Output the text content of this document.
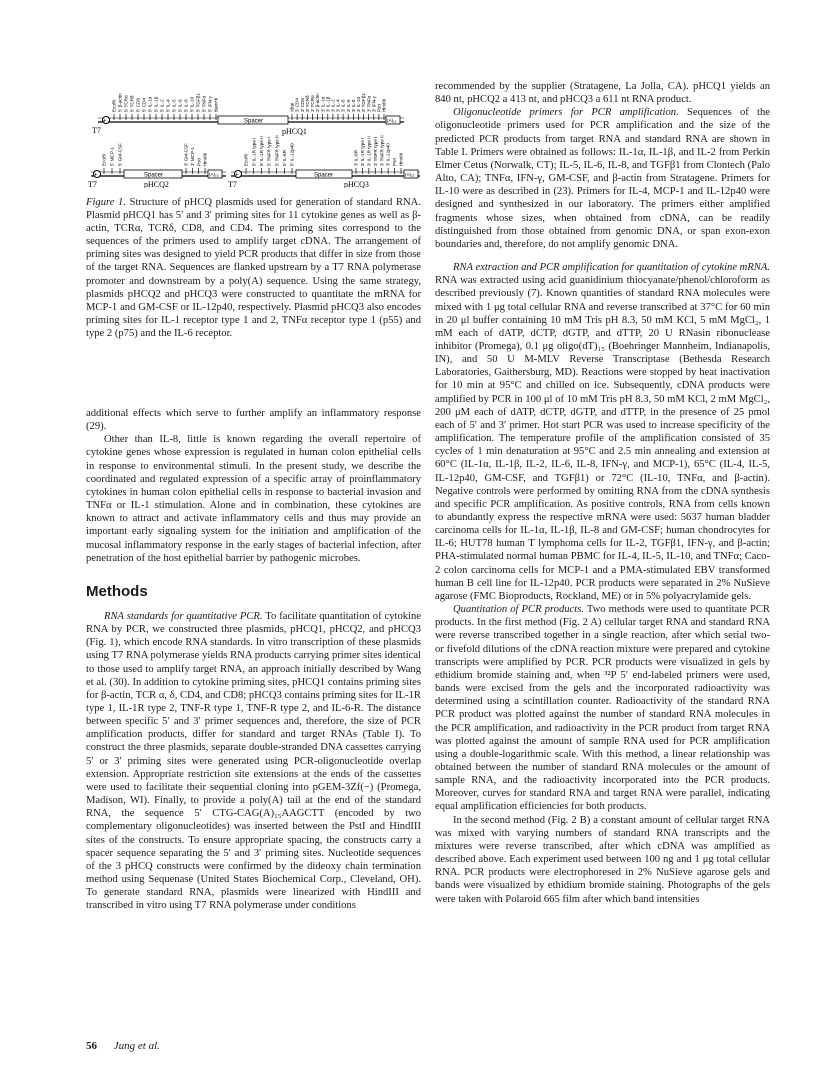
+
EcoRI 5' β-actin 5' TCRα 5' TCRδ 5' CD8 5' CD4 5' IL-1α 5' IL-1β 5' IL-2 5' IL-4 5' IL-5 5' IL-6 5' IL-8 5' IL-10 5' TGFβ1 5' TNFα 5' IFN-γ BamHI
Spacer
XbaI 3' CD4 3' CD8 3' TCRδ 3' TCRα 3' β-actin 3' IL-1α 3' IL-1β 3' IL-2 3' IL-4 3' IL-5 3' IL-6 3' IL-8 3' IL-10 3' TGFβ1 3' TNFα 3' IFN-γ PstI HindIII
(A)₁₅
T7	pHCQ1
+
EcoRI 5' MCP-1 5' GM-CSF
Spacer
3' GM-CSF 3' MCP-1 PstI HindIII
(A)₁₅
T7	pHCQ2
+
EcoRI 5' IL-1R type I 5' IL-1R type II 5' TNFR type I 5' TNFR type II 5' IL-6R 5' IL-12p40
Spacer
3' IL-6R 3' IL-1R type I 3' IL-1R type II 3' TNFR type I 3' TNFR type II 3' IL-12p40 PstI HindIII
(A)₁₅
T7	pHCQ3
Figure 1. Structure of pHCQ plasmids used for generation of standard RNA. Plasmid pHCQ1 has 5′ and 3′ priming sites for 11 cytokine genes as well as β-actin, TCRα, TCRδ, CD8, and CD4. The priming sites correspond to the sequences of the primers used to amplify target cDNA. The arrangement of priming sites was designed to yield PCR products that differ in size from those of the target RNA. Sequences are flanked upstream by a T7 RNA polymerase promoter and downstream by a poly(A) sequence. Using the same strategy, plasmids pHCQ2 and pHCQ3 were constructed to quantitate the mRNA for MCP-1 and GM-CSF or IL-12p40, respectively. Plasmid pHCQ3 also encodes priming sites for IL-1 receptor type 1 and 2, TNFα receptor type 1 (p55) and type 2 (p75) and the IL-6 receptor.

additional effects which serve to further amplify an inflammatory response (29).

Other than IL-8, little is known regarding the overall repertoire of cytokine genes whose expression is regulated in human colon epithelial cells in response to environmental stimuli. In the present study, we describe the coordinated and regulated expression of a specific array of proinflammatory cytokines in human colon epithelial cells in response to bacterial invasion and TNFα or IL-1 stimulation. Alone and in combination, these cytokines are known to attract and activate inflammatory cells and thus may provide an important early signaling system for the initiation and amplification of the mucosal inflammatory response in the early stages of bacterial infection, after penetration of the host epithelial barrier by pathogenic microbes.

Methods

RNA standards for quantitative PCR. To facilitate quantitation of cytokine RNA by PCR, we constructed three plasmids, pHCQ1, pHCQ2, and pHCQ3 (Fig. 1), which encode RNA standards. In vitro transcription of these plasmids using T7 RNA polymerase yields RNA products carrying primer sites identical to those used to amplify target RNA, an approach initially described by Wang et al. (30). In addition to cytokine priming sites, pHCQ1 contains priming sites for β-actin, TCR α, δ, CD4, and CD8; pHCQ3 contains priming sites for IL-1R type 1, IL-1R type 2, TNF-R type 1, TNF-R type 2, and IL-6-R. The distance between specific 5′ and 3′ primer sequences and, therefore, the size of PCR amplification products, differ for standard and target RNAs (Table I). To construct the three plasmids, separate double-stranded DNA cassettes carrying 5′ or 3′ priming sites were generated using PCR-oligonucleotide overlap extension. Appropriate restriction site extensions at the ends of the cassettes were used to facilitate their sequential cloning into pGEM-3Zf(−) (Promega, Madison, WI). Finally, to provide a poly(A) tail at the end of the standard RNA, the sequence 5′ CTG-CAG(A)₁₅AAGCTT (encoded by two complementary oligonucleotides) was inserted between the PstI and HindIII sites of the constructs. To ensure appropriate spacing, the constructs carry a spacer sequence separating the 5′ and 3′ priming sites. Nucleotide sequences of the 3 pHCQ constructs were confirmed by the dideoxy chain termination method using Sequenase (United States Biochemical Corp., Cleveland, OH). To generate standard RNA, plasmids were linearized with HindIII and transcribed in vitro using T7 RNA polymerase under conditions

recommended by the supplier (Stratagene, La Jolla, CA). pHCQ1 yields an 840 nt, pHCQ2 a 413 nt, and pHCQ3 a 611 nt RNA product.

Oligonucleotide primers for PCR amplification. Sequences of the oligonucleotide primers used for PCR amplification and the size of the predicted PCR products from target RNA and standard RNA are shown in Table I. Primers were obtained as follows: IL-1α, IL-1β, and IL-2 from Perkin Elmer Cetus (Norwalk, CT); IL-5, IL-6, IL-8, and TGFβ1 from Clontech (Palo Alto, CA); TNFα, IFN-γ, GM-CSF, and β-actin from Stratagene. Primers for IL-10 were as described in (23). Primers for IL-4, MCP-1 and IL-12p40 were designed and synthesized in our laboratory. The primers either amplified fragments whose sizes, when obtained from cDNA, can be readily distinguished from those obtained from genomic DNA, or span exon-exon boundaries and, therefore, do not amplify genomic DNA.

RNA extraction and PCR amplification for quantitation of cytokine mRNA. RNA was extracted using acid guanidinium thiocyanate/phenol/chloroform as described previously (7). Known quantities of standard RNA molecules were mixed with 1 μg total cellular RNA and reverse transcribed at 37°C for 60 min in 20 μl buffer containing 10 mM Tris pH 8.3, 50 mM KCl, 5 mM MgCl₂, 1 mM each of dATP, dCTP, dGTP, and dTTP, 20 U RNasin ribonuclease inhibitor (Promega), 0.1 μg oligo(dT)₁₅ (Boehringer Mannheim, Indianapolis, IN), and 50 U M-MLV Reverse Transcriptase (Bethesda Research Laboratories, Gaithersburg, MD). Reactions were stopped by heat inactivation for 10 min at 95°C and chilled on ice. Subsequently, cDNA products were amplified by PCR in 100 μl of 10 mM Tris pH 8.3, 50 mM KCl, 2 mM MgCl₂, 200 μM each of dATP, dCTP, dGTP, and dTTP, in the presence of 25 pmol each of 5′ and 3′ primer. Hot start PCR was used to increase specificity of the amplification. The temperature profile of the amplification consisted of 35 cycles of 1 min denaturation at 95°C and 2.5 min annealing and extension at 60°C (IL-1α, IL-1β, IL-2, IL-6, IL-8, IFN-γ, and MCP-1), 65°C (IL-4, IL-5, IL-12p40, GM-CSF, and TGFβ1) or 72°C (IL-10, TNFα, and β-actin). Negative controls were performed by omitting RNA from the cDNA synthesis and specific PCR amplification. As positive controls, RNA from cells known to abundantly express the respective mRNA were used: 5637 human bladder carcinoma cells for IL-1α, IL-1β, IL-8 and GM-CSF; human chondrocytes for IL-6; HUT78 human T lymphoma cells for IL-2, TGFβ1, IFN-γ, and β-actin; PHA-stimulated normal human PBMC for IL-4, IL-5, IL-10, and TNFα; Caco-2 colon carcinoma cells for MCP-1 and a PMA-stimulated EBV transformed human B cell line for IL-12p40. PCR products were separated in 2% NuSieve agarose (FMC Bioproducts, Rockland, ME) or in 5% polyacrylamide gels.

Quantitation of PCR products. Two methods were used to quantitate PCR products. In the first method (Fig. 2 A) cellular target RNA and standard RNA were reverse transcribed together in a single reaction, after which serial two- or fivefold dilutions of the cDNA reaction mixture were prepared and cytokine transcripts were amplified by PCR. PCR products were visualized in gels by ethidium bromide staining and, when ³²P 5′ end-labeled primers were used, bands were excised from the gels and the incorporated radioactivity was determined using a scintillation counter. Radioactivity of the standard RNA PCR product was plotted against the number of standard RNA molecules in the PCR amplification, and radioactivity in the PCR product from target RNA was plotted against the amount of sample RNA used for PCR amplification using a double-logarithmic scale. With this method, a linear relationship was obtained between the number of standard RNA molecules or the amount of sample RNA, and the radioactivity incorporated into the PCR products. Moreover, curves for standard RNA and target RNA were parallel, indicating equal amplification efficiencies for both products.

In the second method (Fig. 2 B) a constant amount of cellular target RNA was mixed with varying numbers of standard RNA transcripts and the mixtures were reverse transcribed, after which cDNA was amplified as described above. Each experiment used between 100 ng and 1 μg total cellular RNA. PCR products were electrophoresed in 2% NuSieve agarose gels and bands were visualized by ethidium bromide staining. Photographs of the gels were taken with Polaroid 665 film after which band intensities

56 Jung et al.
